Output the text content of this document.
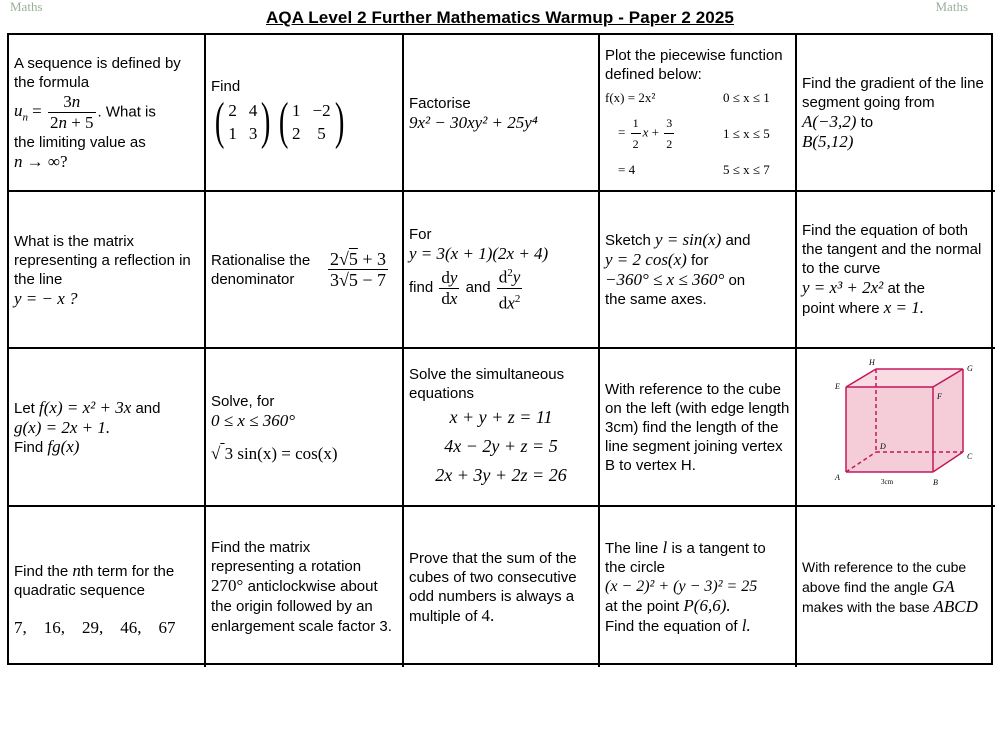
Maths	Maths
AQA Level 2 Further Mathematics Warmup - Paper 2 2025
A sequence is defined by the formula
$u_n = \frac{3n}{2n + 5}$ . What is
the limiting value as
n → ∞?
Find
( 2 4
1 3 ) ( 1 −2
2 5 )	Factorise
9x² − 30xy² + 25y⁴
Plot the piecewise function defined below:
f(x) = 2x²	0 ≤ x ≤ 1
= $\frac{1}{2}$ $x + \frac{3}{2}$	1 ≤ x ≤ 5
= 4	5 ≤ x ≤ 7
Find the gradient of the line segment going from A(−3,2) to
B(5,12)
What is the matrix representing a reflection in the line
y = − x ?
Rationalise the denominator	$\frac{2√5 + 3}{3√5 - 7}$
For
y = 3(x + 1)(2x + 4)
find $\frac{dy}{dx}$ and $\frac{d^2y}{dx^2}$
Sketch y = sin(x) and
y = 2 cos(x) for
−360° ≤ x ≤ 360° on
the same axes.
Find the equation of both the tangent and the normal to the curve
y = x³ + 2x² at the
point where x = 1.
Let f(x) = x² + 3x and
g(x) = 2x + 1.
Find fg(x)
Solve, for
0 ≤ x ≤ 360°
√ 3 sin(x) = cos(x)
Solve the simultaneous equations
x + y + z = 11
4x − 2y + z = 5
2x + 3y + 2z = 26
With reference to the cube on the left (with edge length 3cm) find the length of the line segment joining vertex B to vertex H.
H
G
E
F
D
C
A
B
3cm
Find the nth term for the quadratic sequence
7,    16,    29,    46,    67
Find the matrix representing a rotation
270° anticlockwise about the origin followed by an enlargement scale factor 3.
Prove that the sum of the cubes of two consecutive odd numbers is always a multiple of 4.
The line l is a tangent to the circle
(x − 2)² + (y − 3)² = 25
at the point P(6,6).
Find the equation of l.
With reference to the cube above find the angle GA makes with the base ABCD
